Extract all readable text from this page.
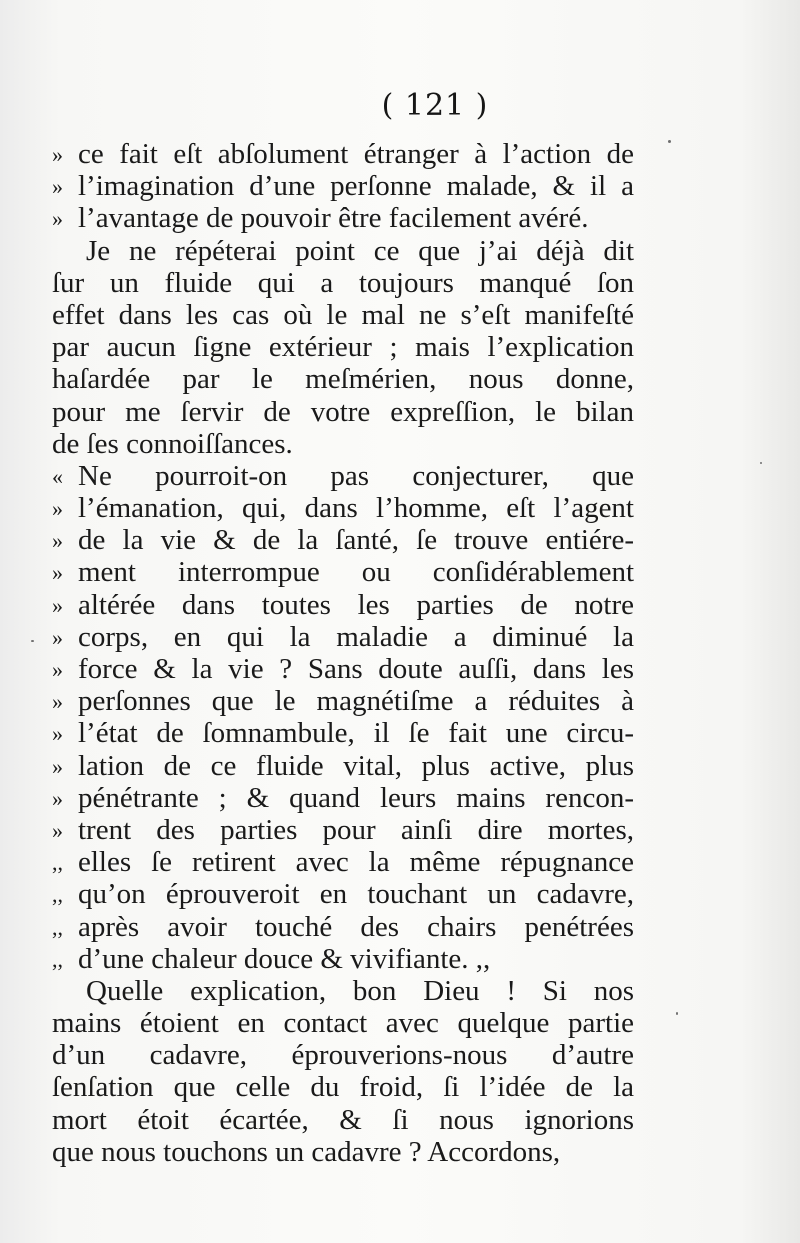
( 121 )
» ce fait eſt abſolument étranger à l’action de
» l’imagination d’une perſonne malade, & il a
» l’avantage de pouvoir être facilement avéré.
Je ne répéterai point ce que j’ai déjà dit
ſur un fluide qui a toujours manqué ſon
effet dans les cas où le mal ne s’eſt manifeſté
par aucun ſigne extérieur ; mais l’explication
haſardée par le meſmérien, nous donne,
pour me ſervir de votre expreſſion, le bilan
de ſes connoiſſances.
« Ne pourroit-on pas conjecturer, que
» l’émanation, qui, dans l’homme, eſt l’agent
» de la vie & de la ſanté, ſe trouve entiére-
» ment interrompue ou conſidérablement
» altérée dans toutes les parties de notre
» corps, en qui la maladie a diminué la
» force & la vie ? Sans doute auſſi, dans les
» perſonnes que le magnétiſme a réduites à
» l’état de ſomnambule, il ſe fait une circu-
» lation de ce fluide vital, plus active, plus
» pénétrante ; & quand leurs mains rencon-
» trent des parties pour ainſi dire mortes,
,, elles ſe retirent avec la même répugnance
,, qu’on éprouveroit en touchant un cadavre,
,, après avoir touché des chairs penétrées
,, d’une chaleur douce & vivifiante. ,,
Quelle explication, bon Dieu ! Si nos
mains étoient en contact avec quelque partie
d’un cadavre, éprouverions-nous d’autre
ſenſation que celle du froid, ſi l’idée de la
mort étoit écartée, & ſi nous ignorions
que nous touchons un cadavre ? Accordons,
